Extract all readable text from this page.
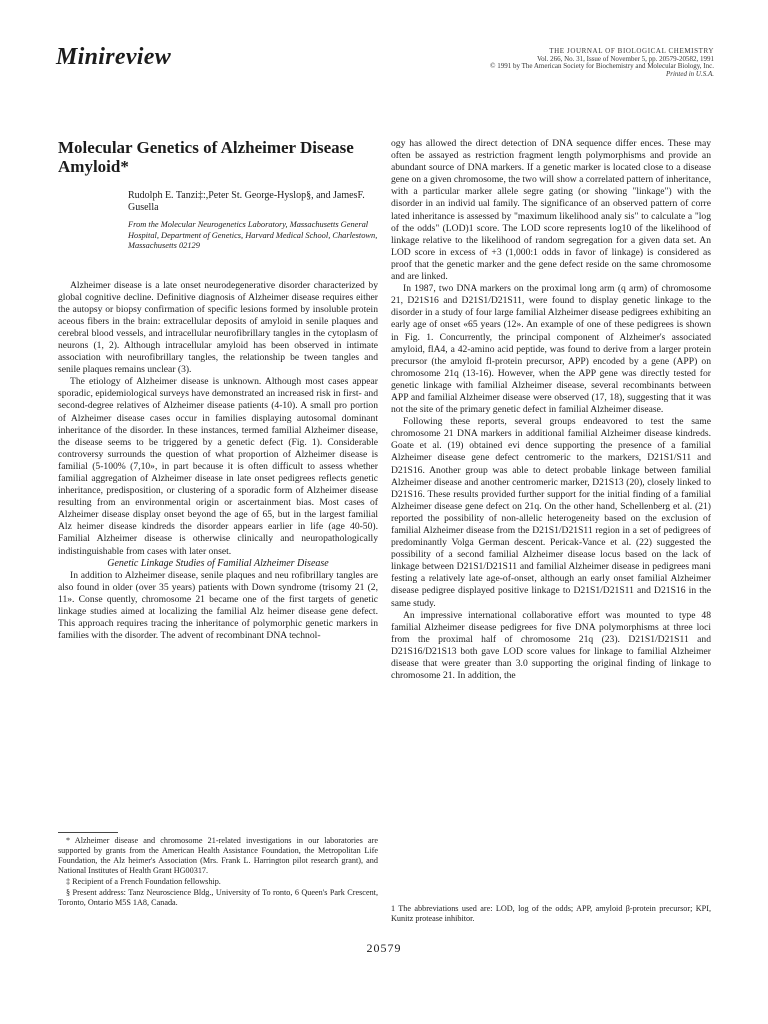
Minireview	THE JOURNAL OF BIOLOGICAL CHEMISTRY
Vol. 266, No. 31, Issue of November 5, pp. 20579-20582, 1991
© 1991 by The American Society for Biochemistry and Molecular Biology, Inc.
Printed in U.S.A.
Molecular Genetics of Alzheimer Disease Amyloid*
Rudolph E. Tanzi‡:,Peter St. George-Hyslop§, and JamesF. Gusella
From the Molecular Neurogenetics Laboratory, Massachusetts General Hospital, Department of Genetics, Harvard Medical School, Charlestown, Massachusetts 02129

Alzheimer disease is a late onset neurodegenerative disorder characterized by global cognitive decline. Definitive diagnosis of Alzheimer disease requires either the autopsy or biopsy confirmation of specific lesions formed by insoluble protein aceous fibers in the brain: extracellular deposits of amyloid in senile plaques and cerebral blood vessels, and intracellular neurofibrillary tangles in the cytoplasm of neurons (1, 2). Although intracellular amyloid has been observed in intimate association with neurofibrillary tangles, the relationship be tween tangles and senile plaques remains unclear (3).

The etiology of Alzheimer disease is unknown. Although most cases appear sporadic, epidemiological surveys have demonstrated an increased risk in first- and second-degree relatives of Alzheimer disease patients (4-10). A small pro portion of Alzheimer disease cases occur in families displaying autosomal dominant inheritance of the disorder. In these instances, termed familial Alzheimer disease, the disease seems to be triggered by a genetic defect (Fig. 1). Considerable controversy surrounds the question of what proportion of Alzheimer disease is familial (5-100% (7,10», in part because it is often difficult to assess whether familial aggregation of Alzheimer disease in late onset pedigrees reflects genetic inheritance, predisposition, or clustering of a sporadic form of Alzheimer disease resulting from an environmental origin or ascertainment bias. Most cases of Alzheimer disease display onset beyond the age of 65, but in the largest familial Alz heimer disease kindreds the disorder appears earlier in life (age 40-50). Familial Alzheimer disease is otherwise clinically and neuropathologically indistinguishable from cases with later onset.

Genetic Linkage Studies of Familial Alzheimer Disease

In addition to Alzheimer disease, senile plaques and neu rofibrillary tangles are also found in older (over 35 years) patients with Down syndrome (trisomy 21 (2, 11». Conse quently, chromosome 21 became one of the first targets of genetic linkage studies aimed at localizing the familial Alz heimer disease gene defect. This approach requires tracing the inheritance of polymorphic genetic markers in families with the disorder. The advent of recombinant DNA technol-

* Alzheimer disease and chromosome 21-related investigations in our laboratories are supported by grants from the American Health Assistance Foundation, the Metropolitan Life Foundation, the Alz heimer's Association (Mrs. Frank L. Harrington pilot research grant), and National Institutes of Health Grant HG00317.

‡ Recipient of a French Foundation fellowship.

§ Present address: Tanz Neuroscience Bldg., University of To ronto, 6 Queen's Park Crescent, Toronto, Ontario M5S 1A8, Canada.

ogy has allowed the direct detection of DNA sequence differ ences. These may often be assayed as restriction fragment length polymorphisms and provide an abundant source of DNA markers. If a genetic marker is located close to a disease gene on a given chromosome, the two will show a correlated pattern of inheritance, with a particular marker allele segre gating (or showing "linkage") with the disorder in an individ ual family. The significance of an observed pattern of corre lated inheritance is assessed by "maximum likelihood analy sis" to calculate a "log of the odds" (LOD)1 score. The LOD score represents log10 of the likelihood of linkage relative to the likelihood of random segregation for a given data set. An LOD score in excess of +3 (1,000:1 odds in favor of linkage) is considered as proof that the genetic marker and the gene defect reside on the same chromosome and are linked.

In 1987, two DNA markers on the proximal long arm (q arm) of chromosome 21, D21S16 and D21S1/D21S11, were found to display genetic linkage to the disorder in a study of four large familial Alzheimer disease pedigrees exhibiting an early age of onset «65 years (12». An example of one of these pedigrees is shown in Fig. 1. Concurrently, the principal component of Alzheimer's associated amyloid, flA4, a 42-amino acid peptide, was found to derive from a larger protein precursor (the amyloid fl-protein precursor, APP) encoded by a gene (APP) on chromosome 21q (13-16). However, when the APP gene was directly tested for genetic linkage with familial Alzheimer disease, several recombinants between APP and familial Alzheimer disease were observed (17, 18), suggesting that it was not the site of the primary genetic defect in familial Alzheimer disease.

Following these reports, several groups endeavored to test the same chromosome 21 DNA markers in additional familial Alzheimer disease kindreds. Goate et al. (19) obtained evi dence supporting the presence of a familial Alzheimer disease gene defect centromeric to the markers, D21S1/S11 and D21S16. Another group was able to detect probable linkage between familial Alzheimer disease and another centromeric marker, D21S13 (20), closely linked to D21S16. These results provided further support for the initial finding of a familial Alzheimer disease gene defect on 21q. On the other hand, Schellenberg et al. (21) reported the possibility of non-allelic heterogeneity based on the exclusion of familial Alzheimer disease from the D21S1/D21S11 region in a set of pedigrees of predominantly Volga German descent. Pericak-Vance et al. (22) suggested the possibility of a second familial Alzheimer disease locus based on the lack of linkage between D21S1/D21S11 and familial Alzheimer disease in pedigrees mani festing a relatively late age-of-onset, although an early onset familial Alzheimer disease pedigree displayed positive linkage to D21S1/D21S11 and D21S16 in the same study.

An impressive international collaborative effort was mounted to type 48 familial Alzheimer disease pedigrees for five DNA polymorphisms at three loci from the proximal half of chromosome 21q (23). D21S1/D21S11 and D21S16/D21S13 both gave LOD score values for linkage to familial Alzheimer disease that were greater than 3.0 supporting the original finding of linkage to chromosome 21. In addition, the

1 The abbreviations used are: LOD, log of the odds; APP, amyloid β-protein precursor; KPI, Kunitz protease inhibitor.
20579
